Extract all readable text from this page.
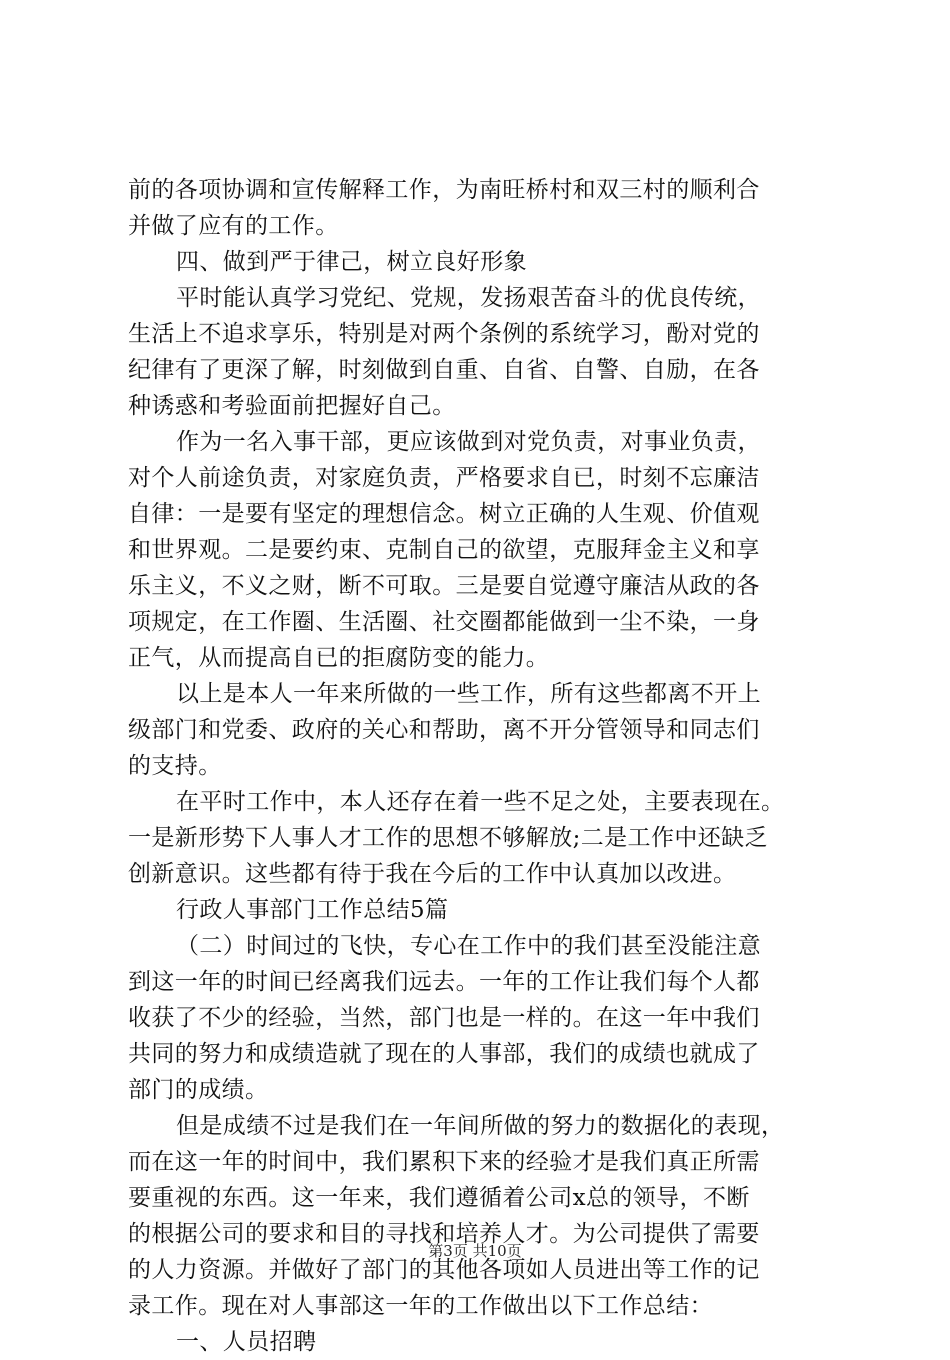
前的各项协调和宣传解释工作，为南旺桥村和双三村的顺利合
并做了应有的工作。
四、做到严于律己，树立良好形象
平时能认真学习党纪、党规，发扬艰苦奋斗的优良传统，
生活上不追求享乐，特别是对两个条例的系统学习，酚对党的
纪律有了更深了解，时刻做到自重、自省、自警、自励，在各
种诱惑和考验面前把握好自己。
作为一名入事干部，更应该做到对党负责，对事业负责，
对个人前途负责，对家庭负责，严格要求自已，时刻不忘廉洁
自律：一是要有坚定的理想信念。树立正确的人生观、价值观
和世界观。二是要约束、克制自己的欲望，克服拜金主义和享
乐主义，不义之财，断不可取。三是要自觉遵守廉洁从政的各
项规定，在工作圈、生活圈、社交圈都能做到一尘不染，一身
正气，从而提高自已的拒腐防变的能力。
以上是本人一年来所做的一些工作，所有这些都离不开上
级部门和党委、政府的关心和帮助，离不开分管领导和同志们
的支持。
在平时工作中，本人还存在着一些不足之处，主要表现在。
一是新形势下人事人才工作的思想不够解放;二是工作中还缺乏
创新意识。这些都有待于我在今后的工作中认真加以改进。
行政人事部门工作总结5篇
（二）时间过的飞快，专心在工作中的我们甚至没能注意
到这一年的时间已经离我们远去。一年的工作让我们每个人都
收获了不少的经验，当然，部门也是一样的。在这一年中我们
共同的努力和成绩造就了现在的人事部，我们的成绩也就成了
部门的成绩。
但是成绩不过是我们在一年间所做的努力的数据化的表现，
而在这一年的时间中，我们累积下来的经验才是我们真正所需
要重视的东西。这一年来，我们遵循着公司x总的领导，不断
的根据公司的要求和目的寻找和培养人才。为公司提供了需要
的人力资源。并做好了部门的其他各项如人员进出等工作的记
录工作。现在对人事部这一年的工作做出以下工作总结：
一、人员招聘
第3页 共10页
